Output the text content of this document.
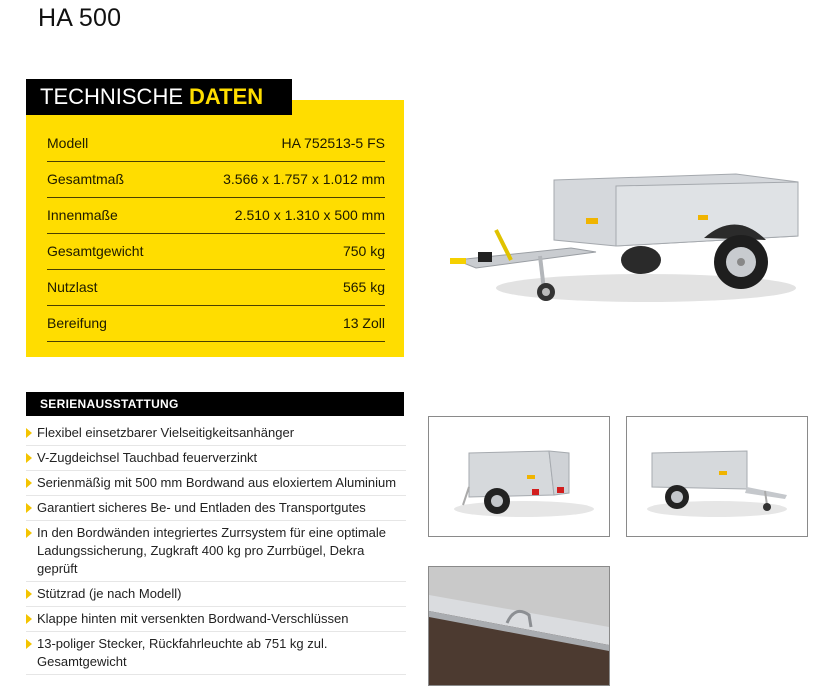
HA 500
TECHNISCHE DATEN
Modell	HA 752513-5 FS
Gesamtmaß	3.566 x 1.757 x 1.012 mm
Innenmaße	2.510 x 1.310 x 500 mm
Gesamtgewicht	750 kg
Nutzlast	565 kg
Bereifung	13 Zoll
SERIENAUSSTATTUNG
Flexibel einsetzbarer Vielseitigkeitsanhänger
V-Zugdeichsel Tauchbad feuerverzinkt
Serienmäßig mit 500 mm Bordwand aus eloxiertem Aluminium
Garantiert sicheres Be- und Entladen des Transportgutes
In den Bordwänden integriertes Zurrsystem für eine optimale Ladungssicherung, Zugkraft 400 kg pro Zurrbügel, Dekra geprüft
Stützrad (je nach Modell)
Klappe hinten mit versenkten Bordwand-Verschlüssen
13-poliger Stecker, Rückfahrleuchte ab 751 kg zul. Gesamtgewicht
